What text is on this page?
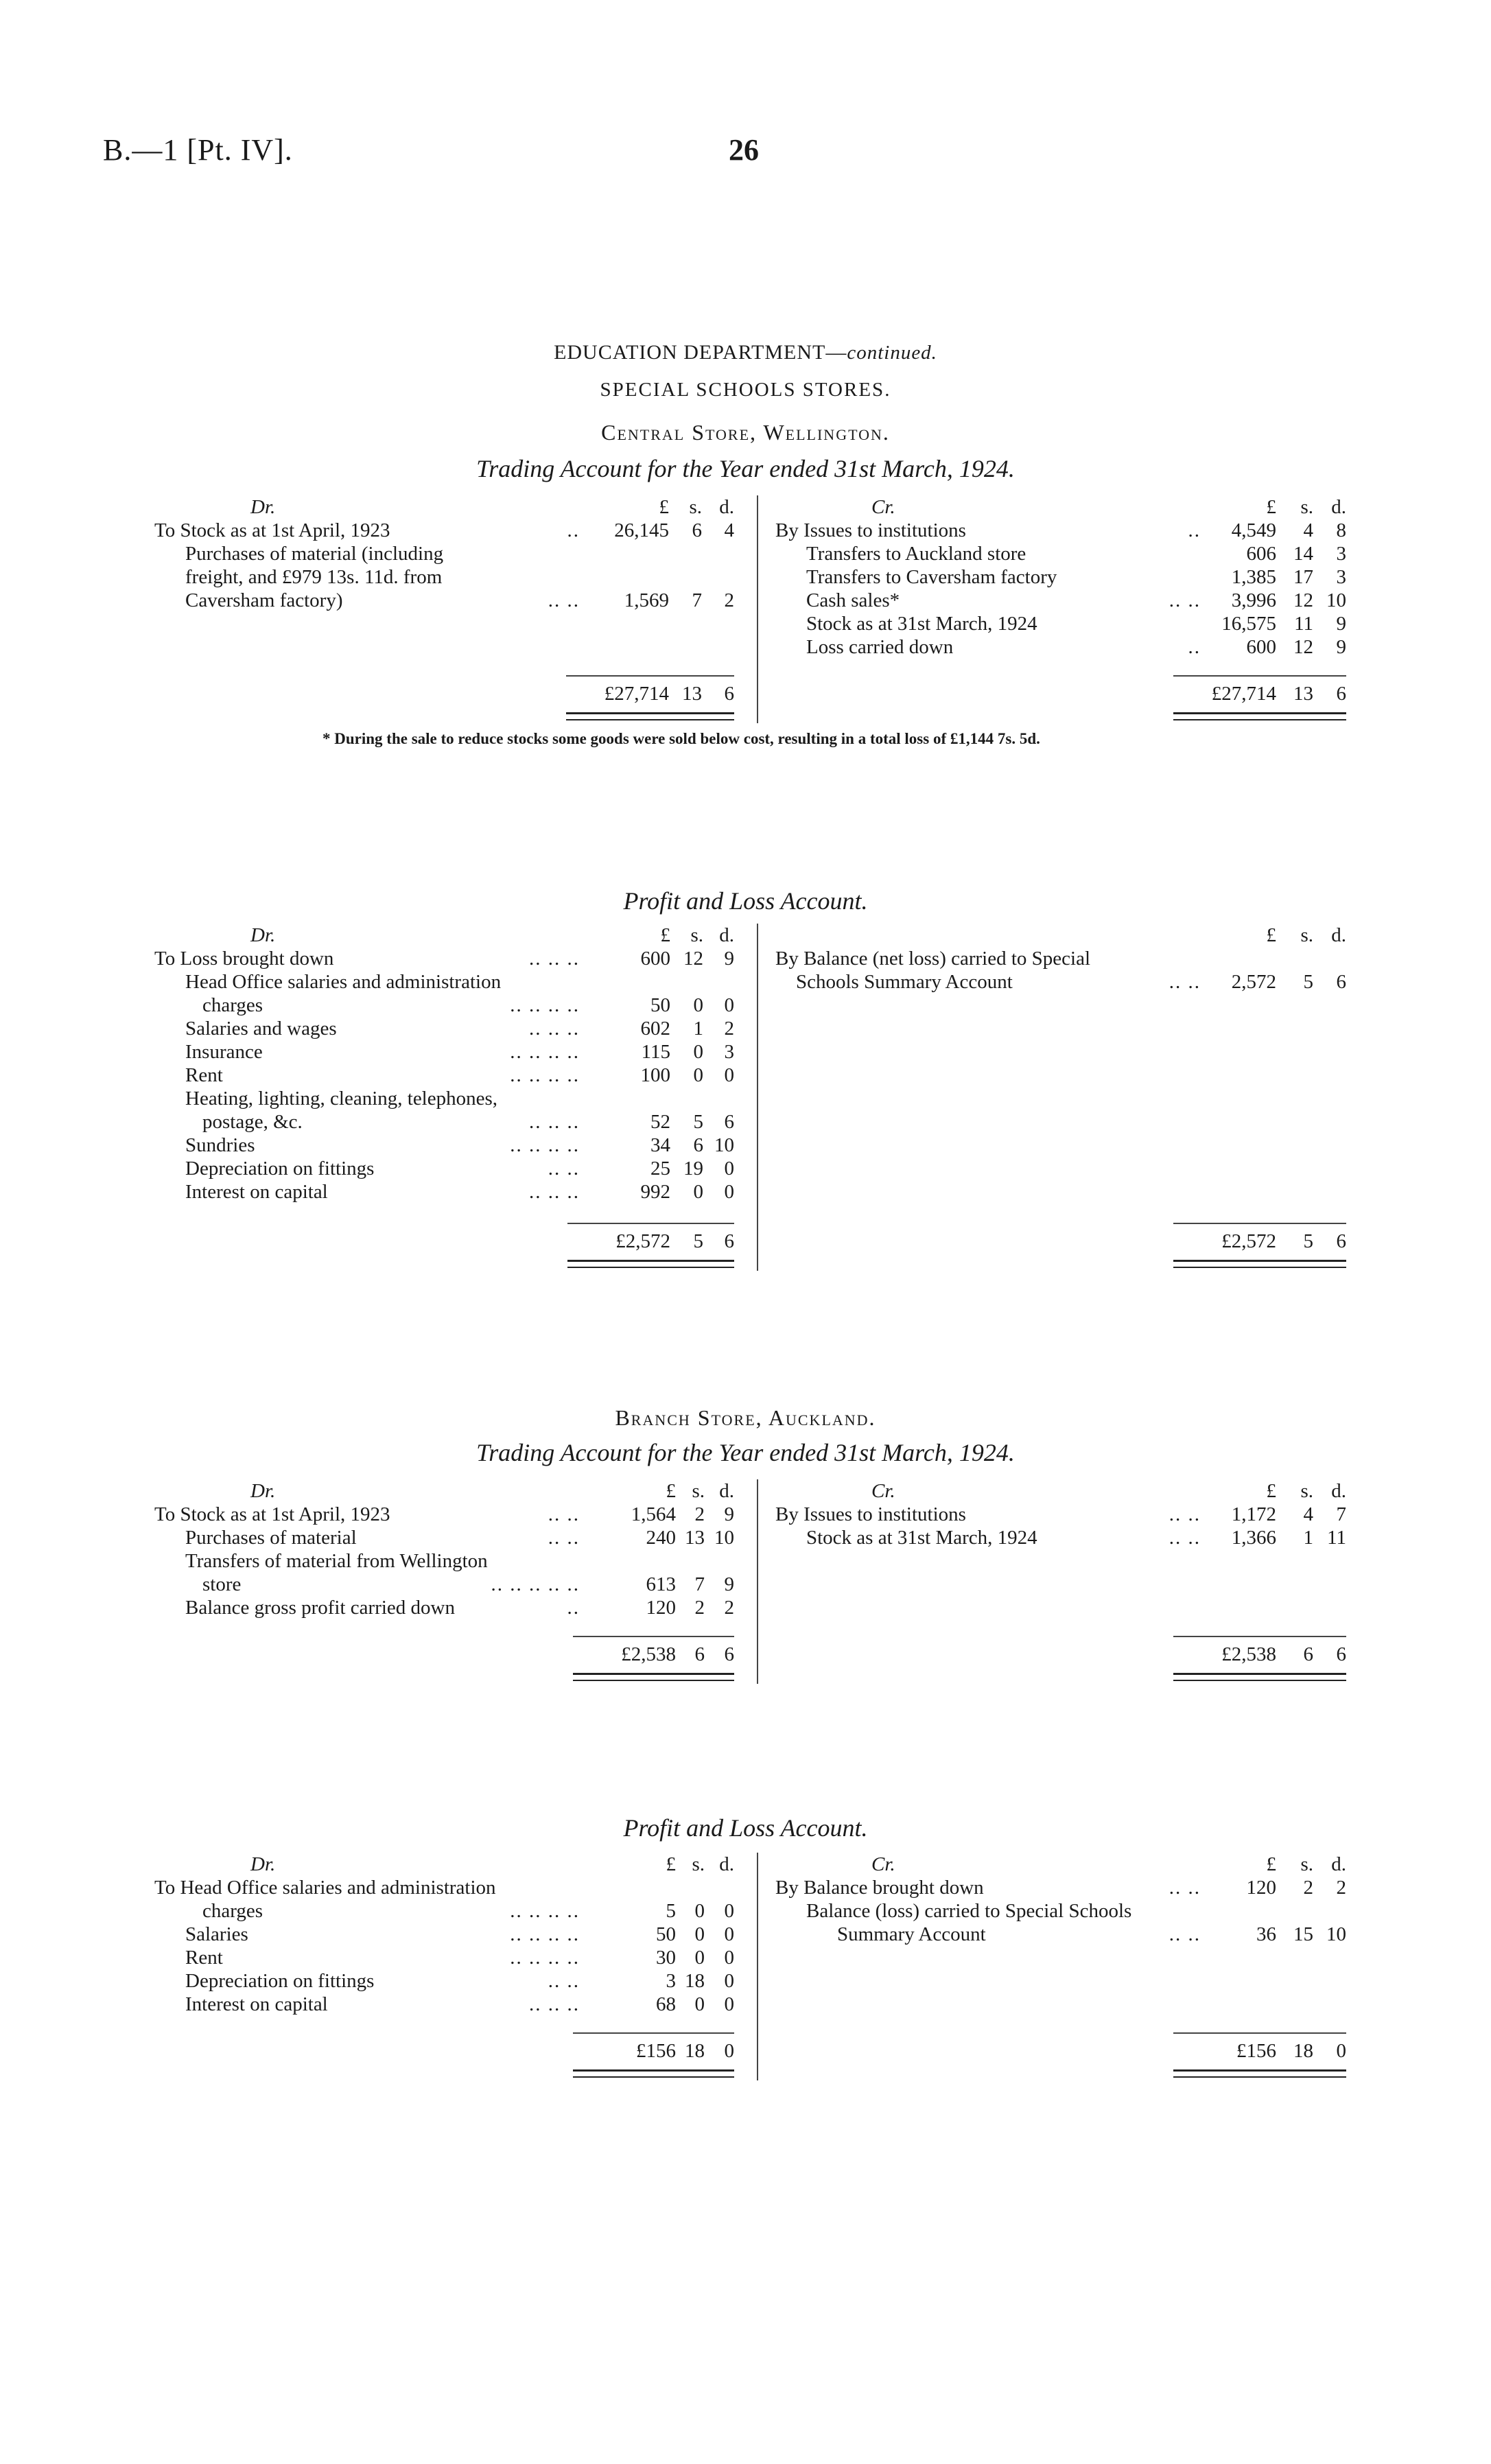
B.—1 [Pt. IV].	26
EDUCATION DEPARTMENT—continued.
SPECIAL SCHOOLS STORES.
Central Store, Wellington.
Trading Account for the Year ended 31st March, 1924.
Dr.	£	s. d.
To Stock as at 1st April, 1923	..	26,145	6	4
Purchases of material (including
freight, and £979 13s. 11d. from
Caversham factory)	.. ..	1,569	7	2
£27,714 13	6
Cr.	£	s. d.
By Issues to institutions	..	4,549	4	8
Transfers to Auckland store	606 14	3
Transfers to Caversham factory	1,385 17	3
Cash sales*	.. ..	3,996 12 10
Stock as at 31st March, 1924	16,575 11	9
Loss carried down	..	600 12	9
£27,714 13	6
* During the sale to reduce stocks some goods were sold below cost, resulting in a total loss of £1,144 7s. 5d.
Profit and Loss Account.
Dr.	£	s. d.
To Loss brought down	.. .. ..	600 12	9
Head Office salaries and administration
charges	.. .. .. ..	50	0	0
Salaries and wages	.. .. ..	602	1	2
Insurance	.. .. .. ..	115	0	3
Rent	.. .. .. ..	100	0	0
Heating, lighting, cleaning, telephones,
postage, &c.	.. .. ..	52	5	6
Sundries	.. .. .. ..	34	6 10
Depreciation on fittings	.. ..	25 19	0
Interest on capital	.. .. ..	992	0	0
£2,572	5	6
£	s. d.
By Balance (net loss) carried to Special
Schools Summary Account	.. ..	2,572	5	6
£2,572	5	6
Branch Store, Auckland.
Trading Account for the Year ended 31st March, 1924.
Dr.	£ s. d.
To Stock as at 1st April, 1923	.. ..	1,564 2 9
Purchases of material	.. ..	240 13 10
Transfers of material from Wellington
store	.. .. .. .. ..	613 7 9
Balance gross profit carried down	..	120 2 2
£2,538 6 6
Cr.	£	s. d.
By Issues to institutions	.. ..	1,172	4	7
Stock as at 31st March, 1924	.. ..	1,366	1 11
£2,538	6	6
Profit and Loss Account.
Dr.	£ s. d.
To Head Office salaries and administration
charges	.. .. .. ..	5 0 0
Salaries	.. .. .. ..	50 0 0
Rent	.. .. .. ..	30 0 0
Depreciation on fittings	.. ..	3 18 0
Interest on capital	.. .. ..	68 0 0
£156 18 0
Cr.	£	s. d.
By Balance brought down	.. ..	120	2	2
Balance (loss) carried to Special Schools
Summary Account	.. ..	36 15 10
£156 18	0
